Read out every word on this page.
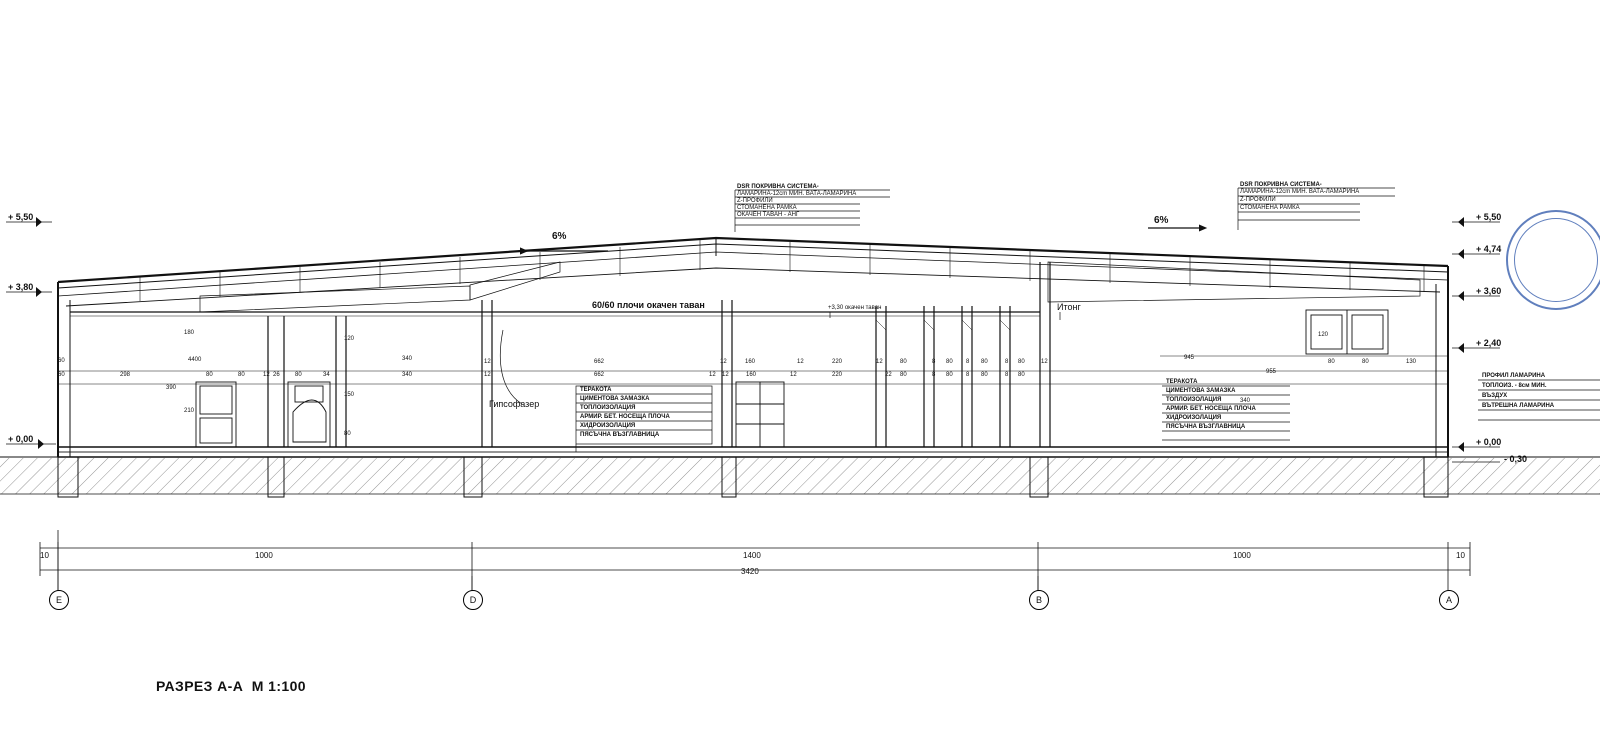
DSR ПОКРИВНА СИСТЕМА-
ЛАМАРИНА-12cm МИН. ВАТА-ЛАМАРИНА
Z-ПРОФИЛИ
СТОМАНЕНА РАМКА
ОКАЧЕН ТАВАН - АНГ
DSR ПОКРИВНА СИСТЕМА-
ЛАМАРИНА-12cm МИН. ВАТА-ЛАМАРИНА
Z-ПРОФИЛИ
СТОМАНЕНА РАМКА
6%
6%
60/60 плочи окачен таван	+3,30 окачен таван	Итонг
Гипсофазер
ТЕРАКОТА
ЦИМЕНТОВА ЗАМАЗКА
ТОПЛОИЗОЛАЦИЯ
АРМИР. БЕТ. НОСЕЩА ПЛОЧА
ХИДРОИЗОЛАЦИЯ
ПЯСЪЧНА ВЪЗГЛАВНИЦА
ТЕРАКОТА
ЦИМЕНТОВА ЗАМАЗКА
ТОПЛОИЗОЛАЦИЯ
АРМИР. БЕТ. НОСЕЩА ПЛОЧА
ХИДРОИЗОЛАЦИЯ
ПЯСЪЧНА ВЪЗГЛАВНИЦА
ПРОФИЛ ЛАМАРИНА
ТОПЛОИЗ. - 8см МИН.
ВЪЗДУХ
ВЪТРЕШНА ЛАМАРИНА
+ 5,50
+ 3,80
+ 0,00
+ 5,50
+ 4,74
+ 3,60
+ 2,40
+ 0,00
- 0,30
10	1000	1400	1000	10
3420
180
120
340	12	662	12	160	12	220	12	80	8 80 8 80	8 80	12
945
120
80	80	130
60
60	298
4400
390
210
80	80	12 26	80	34
150
80
340	12	662	12 12	160	12	220	22 80	8 80 8 80	8 80	955
340
E	D	B	A
РАЗРЕЗ А-А  М 1:100
